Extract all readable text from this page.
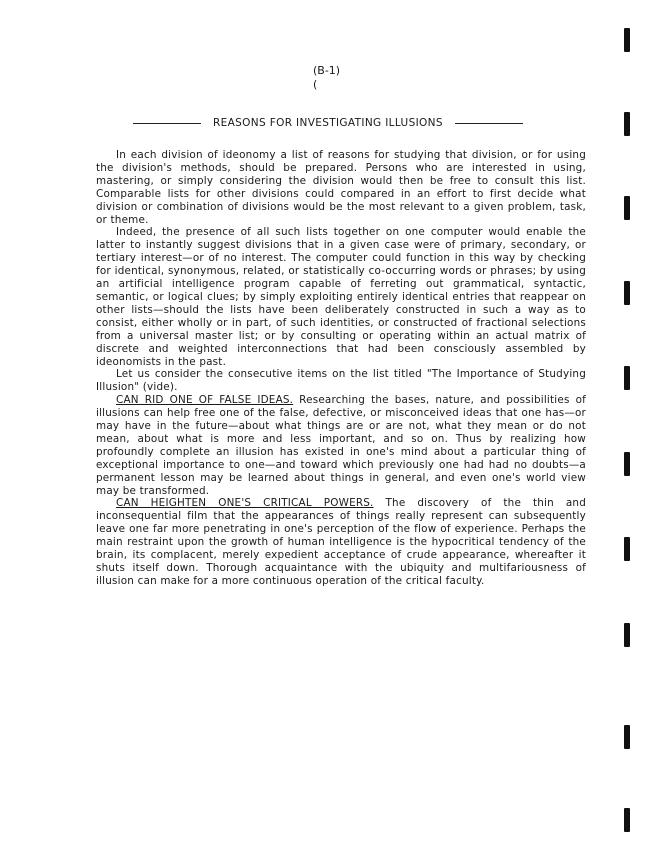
(B-1)
(
REASONS FOR INVESTIGATING ILLUSIONS

In each division of ideonomy a list of reasons for studying that division, or for using the division's methods, should be prepared. Persons who are interested in using, mastering, or simply considering the division would then be free to consult this list. Comparable lists for other divisions could compared in an effort to first decide what division or combination of divisions would be the most relevant to a given problem, task, or theme.

Indeed, the presence of all such lists together on one computer would enable the latter to instantly suggest divisions that in a given case were of primary, secondary, or tertiary interest—or of no interest. The computer could function in this way by checking for identical, synonymous, related, or statistically co-occurring words or phrases; by using an artificial intelligence program capable of ferreting out grammatical, syntactic, semantic, or logical clues; by simply exploiting entirely identical entries that reappear on other lists—should the lists have been deliberately constructed in such a way as to consist, either wholly or in part, of such identities, or constructed of fractional selections from a universal master list; or by consulting or operating within an actual matrix of discrete and weighted interconnections that had been consciously assembled by ideonomists in the past.

Let us consider the consecutive items on the list titled "The Importance of Studying Illusion" (vide).

CAN RID ONE OF FALSE IDEAS. Researching the bases, nature, and possibilities of illusions can help free one of the false, defective, or misconceived ideas that one has—or may have in the future—about what things are or are not, what they mean or do not mean, about what is more and less important, and so on. Thus by realizing how profoundly complete an illusion has existed in one's mind about a particular thing of exceptional importance to one—and toward which previously one had had no doubts—a permanent lesson may be learned about things in general, and even one's world view may be transformed.

CAN HEIGHTEN ONE'S CRITICAL POWERS. The discovery of the thin and inconsequential film that the appearances of things really represent can subsequently leave one far more penetrating in one's perception of the flow of experience. Perhaps the main restraint upon the growth of human intelligence is the hypocritical tendency of the brain, its complacent, merely expedient acceptance of crude appearance, whereafter it shuts itself down. Thorough acquaintance with the ubiquity and multifariousness of illusion can make for a more continuous operation of the critical faculty.
